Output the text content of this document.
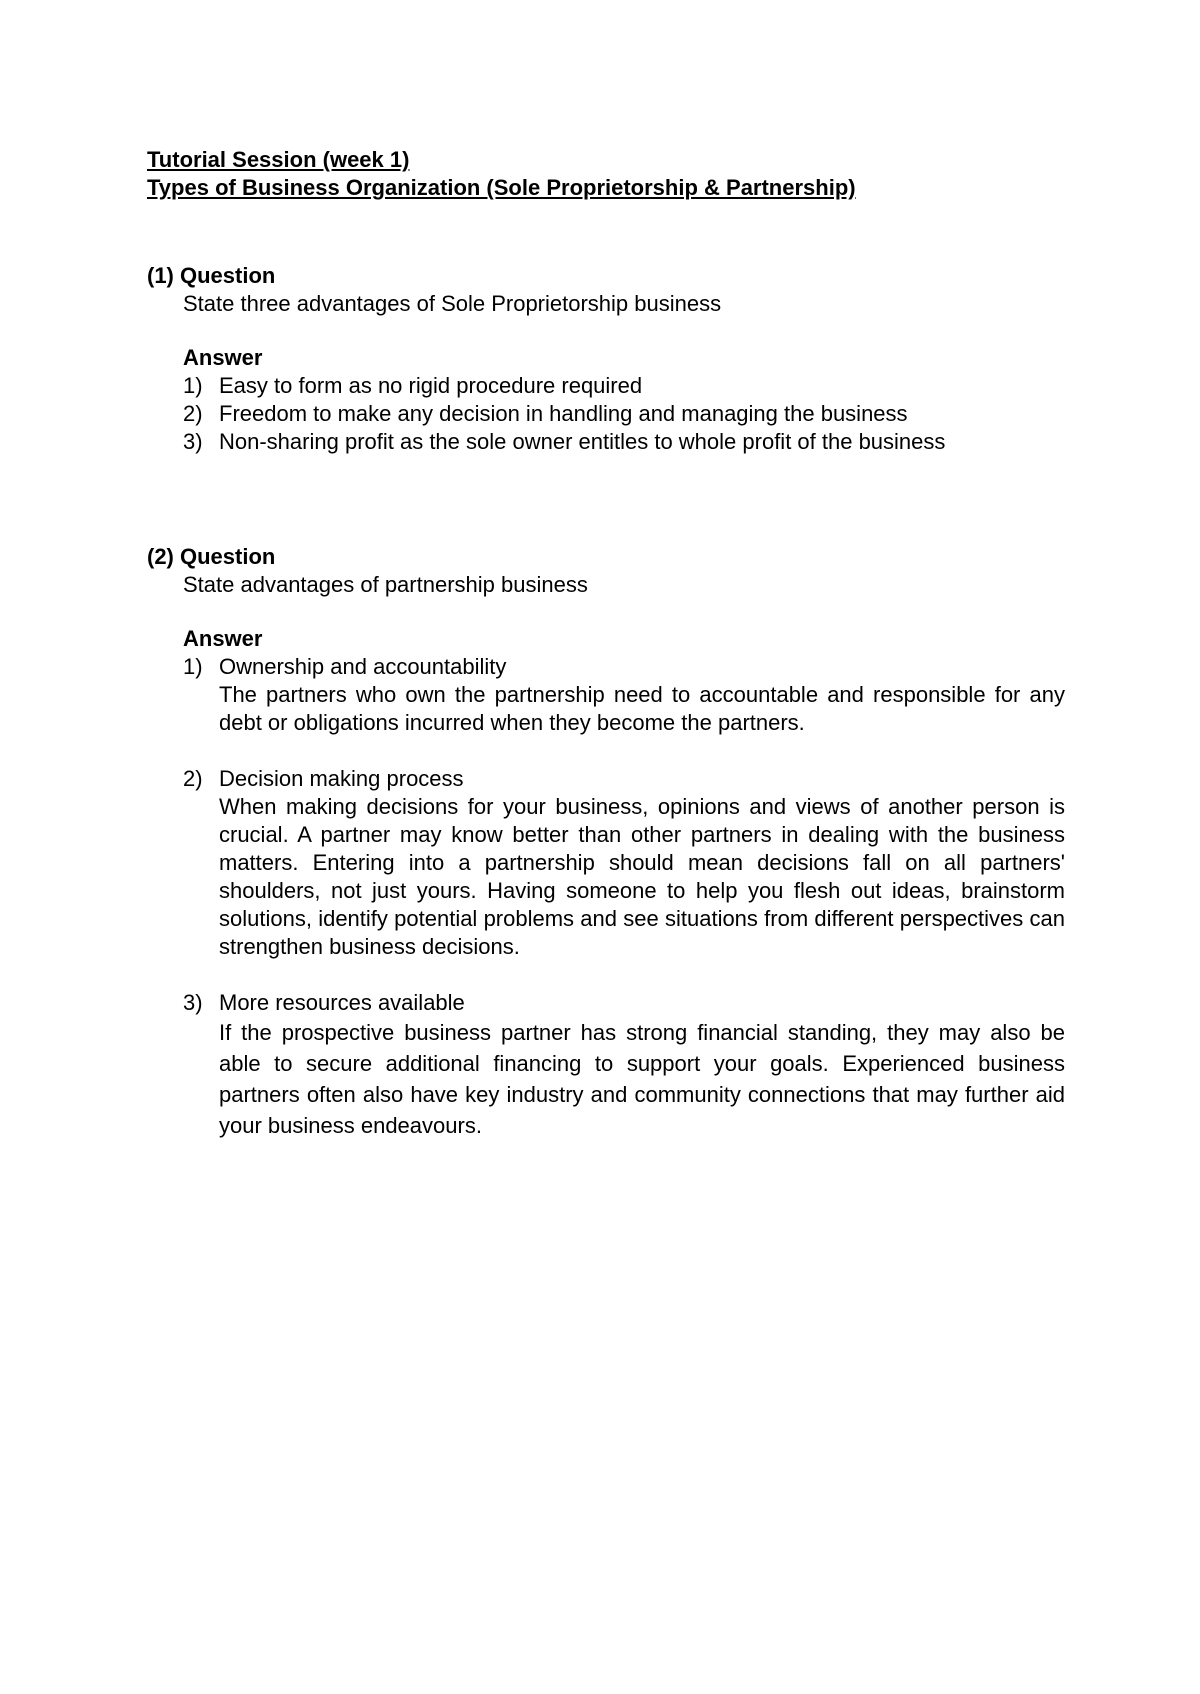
Tutorial Session (week 1)
Types of Business Organization (Sole Proprietorship & Partnership)
(1) Question
State three advantages of Sole Proprietorship business
Answer
1) Easy to form as no rigid procedure required
2) Freedom to make any decision in handling and managing the business
3) Non-sharing profit as the sole owner entitles to whole profit of the business
(2) Question
State advantages of partnership business
Answer
1) Ownership and accountability
The partners who own the partnership need to accountable and responsible for any debt or obligations incurred when they become the partners.
2) Decision making process
When making decisions for your business, opinions and views of another person is crucial. A partner may know better than other partners in dealing with the business matters. Entering into a partnership should mean decisions fall on all partners' shoulders, not just yours. Having someone to help you flesh out ideas, brainstorm solutions, identify potential problems and see situations from different perspectives can strengthen business decisions.
3) More resources available
If the prospective business partner has strong financial standing, they may also be able to secure additional financing to support your goals. Experienced business partners often also have key industry and community connections that may further aid your business endeavours.
